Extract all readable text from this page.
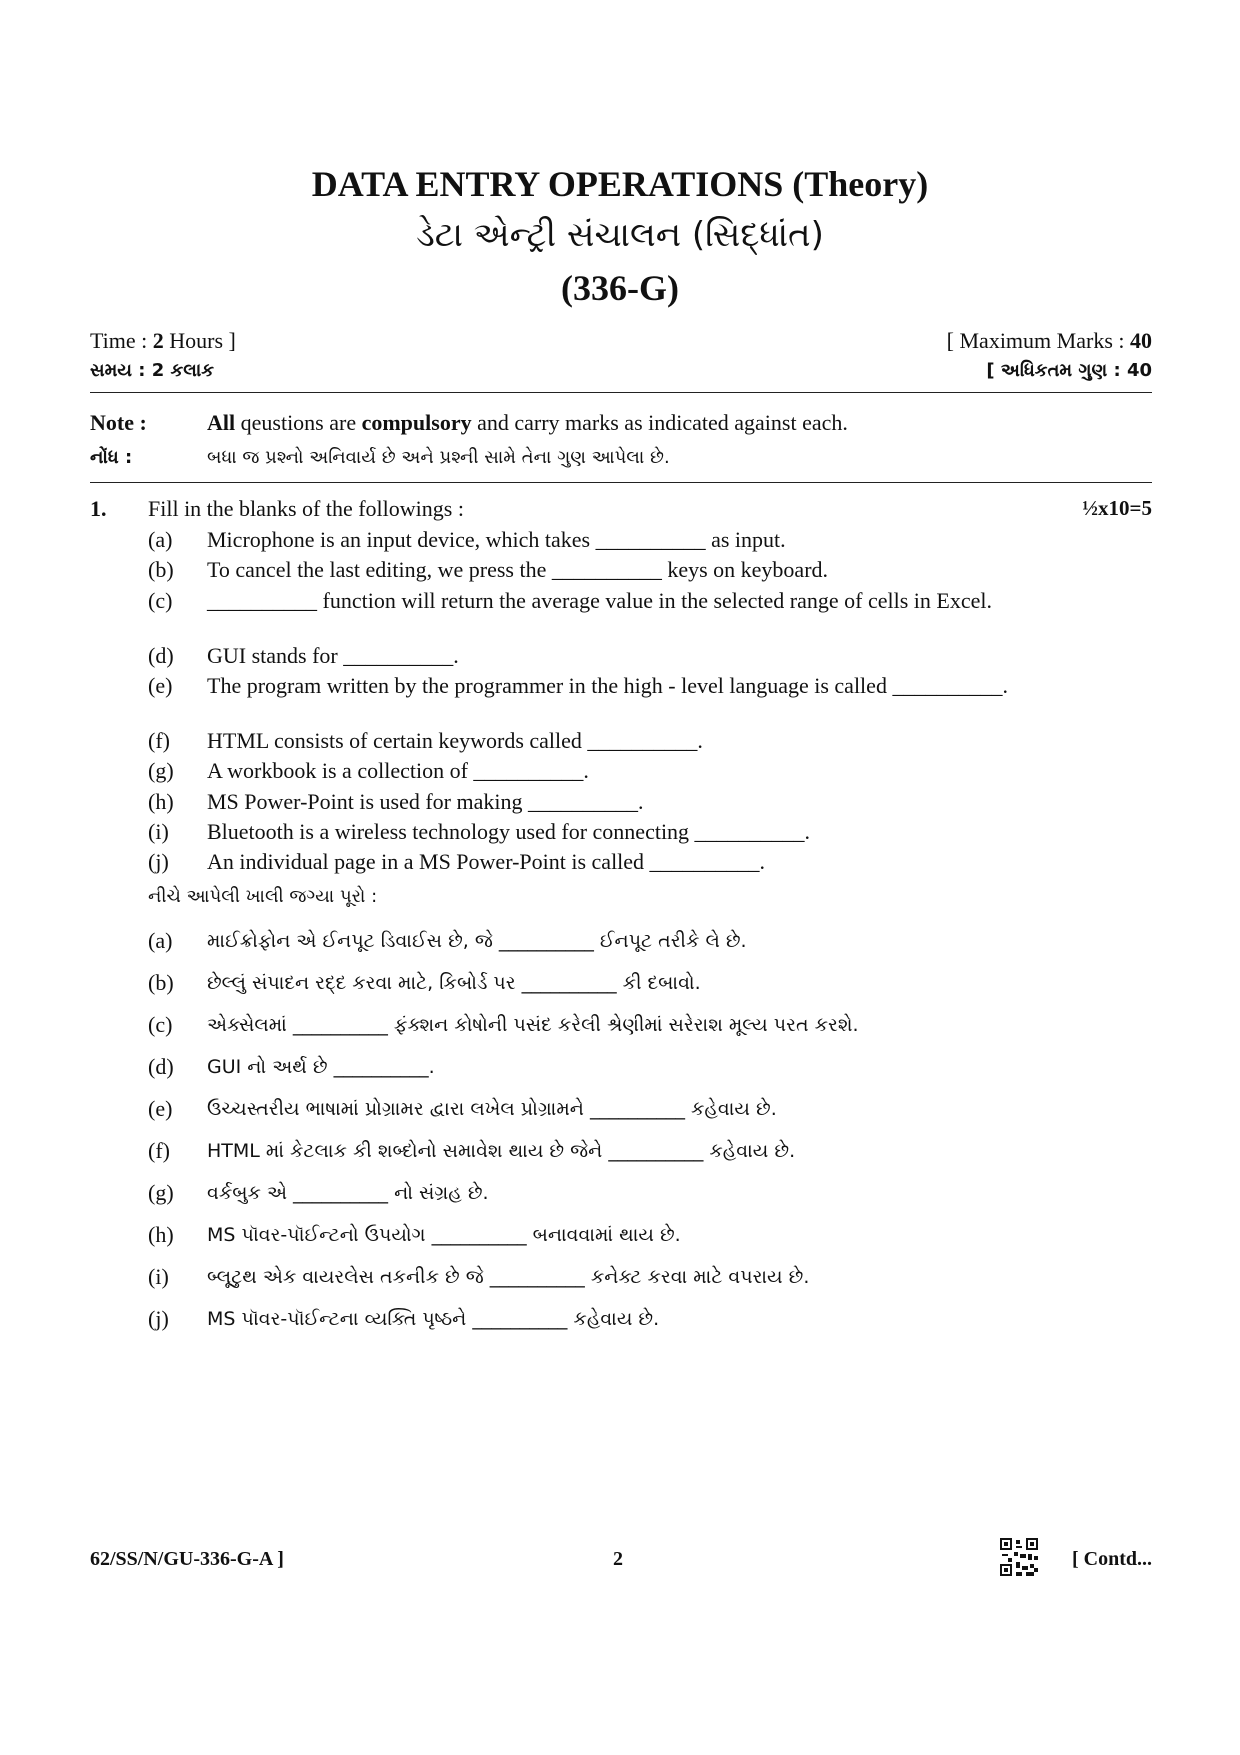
DATA ENTRY OPERATIONS (Theory)
ડેટા એન્ટ્રી સંચાલન (સિદ્ધાંત)
(336-G)
Time : 2 Hours ]	[ Maximum Marks : 40
સમય : 2 કલાક	[ અધિકતમ ગુણ : 40
Note :	All qeustions are compulsory and carry marks as indicated against each.
નોંધ :	બધા જ પ્રશ્નો અનિવાર્ય છે અને પ્રશ્ની સામે તેના ગુણ આપેલા છે.
1. Fill in the blanks of the followings :	½x10=5
(a) Microphone is an input device, which takes __________ as input.
(b) To cancel the last editing, we press the __________ keys on keyboard.
(c) __________ function will return the average value in the selected range of cells in Excel.
(d) GUI stands for __________.
(e) The program written by the programmer in the high - level language is called __________.
(f) HTML consists of certain keywords called __________.
(g) A workbook is a collection of __________.
(h) MS Power-Point is used for making __________.
(i) Bluetooth is a wireless technology used for connecting __________.
(j) An individual page in a MS Power-Point is called __________.
નીચે આપેલી ખાલી જગ્યા પૂરો :
(a) માઈક્રોફોન એ ઈનપૂટ ડિવાઈસ છે, જે __________ ઈનપૂટ તરીકે લે છે.
(b) છેલ્લું સંપાદન રદ્દ કરવા માટે, કિબોર્ડ પર __________ કી દબાવો.
(c) એક્સેલમાં __________ ફંક્શન કોષોની પસંદ કરેલી શ્રેણીમાં સરેરાશ મૂલ્ય પરત કરશે.
(d) GUI નો અર્થ છે __________.
(e) ઉચ્ચસ્તરીય ભાષામાં પ્રોગ્રામર દ્વારા લખેલ પ્રોગ્રામને __________ કહેવાય છે.
(f) HTML માં કેટલાક કી શબ્દોનો સમાવેશ થાય છે જેને __________ કહેવાય છે.
(g) વર્કબુક એ __________ નો સંગ્રહ છે.
(h) MS પૉવર-પૉઈન્ટનો ઉપયોગ __________ બનાવવામાં થાય છે.
(i) બ્લૂટુથ એક વાયરલેસ તકનીક છે જે __________ કનેક્ટ કરવા માટે વપરાય છે.
(j) MS પૉવર-પૉઈન્ટના વ્યક્તિ પૃષ્ઠને __________ કહેવાય છે.
62/SS/N/GU-336-G-A ]	2	[ Contd...
